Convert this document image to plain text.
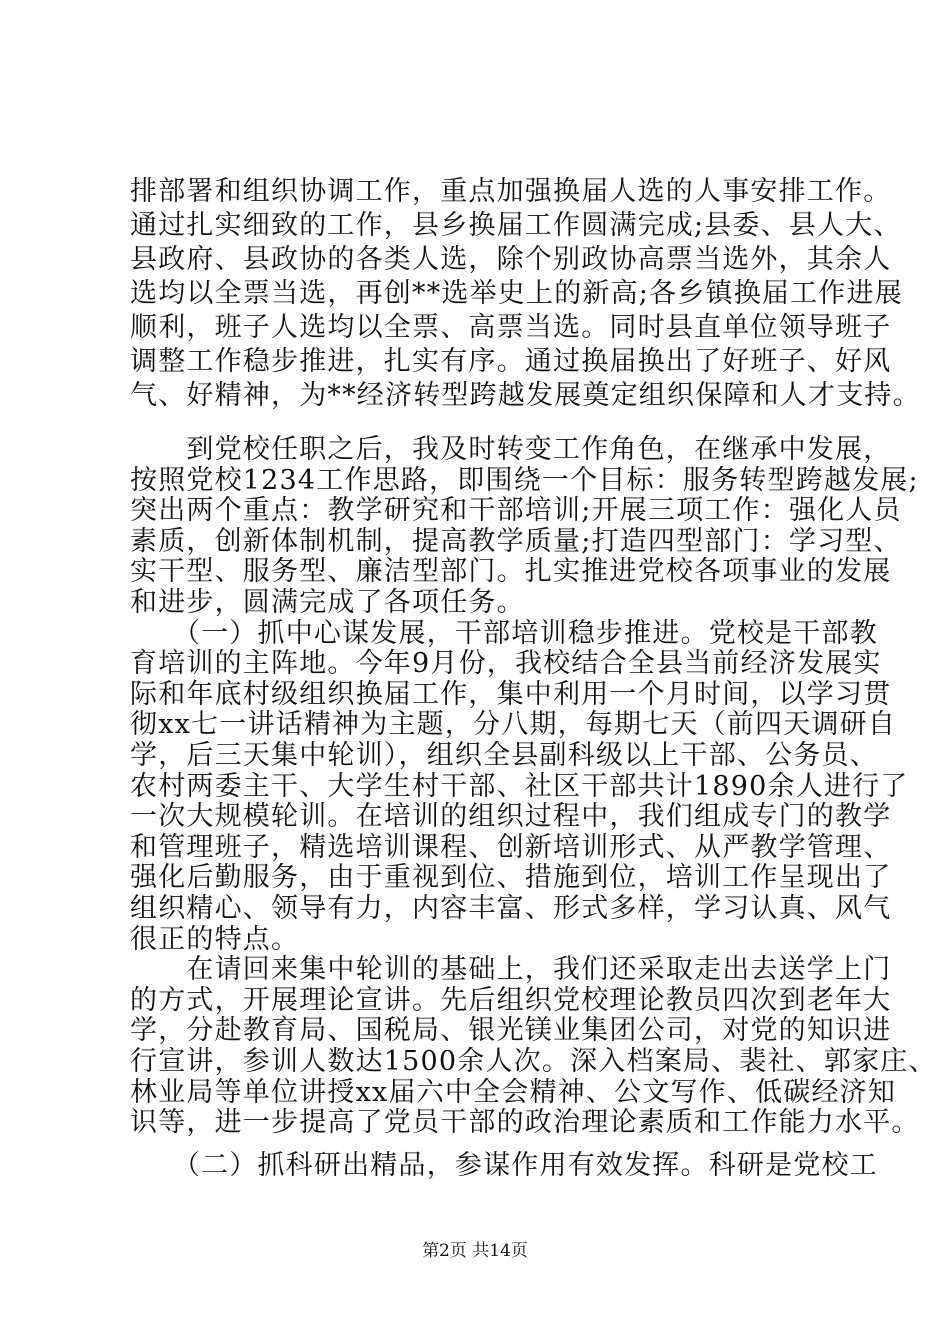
排部署和组织协调工作，重点加强换届人选的人事安排工作。
通过扎实细致的工作，县乡换届工作圆满完成;县委、县人大、
县政府、县政协的各类人选，除个别政协高票当选外，其余人
选均以全票当选，再创**选举史上的新高;各乡镇换届工作进展
顺利，班子人选均以全票、高票当选。同时县直单位领导班子
调整工作稳步推进，扎实有序。通过换届换出了好班子、好风
气、好精神，为**经济转型跨越发展奠定组织保障和人才支持。
　　到党校任职之后，我及时转变工作角色，在继承中发展，
按照党校1234工作思路，即围绕一个目标：服务转型跨越发展;
突出两个重点：教学研究和干部培训;开展三项工作：强化人员
素质，创新体制机制，提高教学质量;打造四型部门：学习型、
实干型、服务型、廉洁型部门。扎实推进党校各项事业的发展
和进步，圆满完成了各项任务。
　　（一）抓中心谋发展，干部培训稳步推进。党校是干部教
育培训的主阵地。今年9月份，我校结合全县当前经济发展实
际和年底村级组织换届工作，集中利用一个月时间，以学习贯
彻xx七一讲话精神为主题，分八期，每期七天（前四天调研自
学，后三天集中轮训），组织全县副科级以上干部、公务员、
农村两委主干、大学生村干部、社区干部共计1890余人进行了
一次大规模轮训。在培训的组织过程中，我们组成专门的教学
和管理班子，精选培训课程、创新培训形式、从严教学管理、
强化后勤服务，由于重视到位、措施到位，培训工作呈现出了
组织精心、领导有力，内容丰富、形式多样，学习认真、风气
很正的特点。
　　在请回来集中轮训的基础上，我们还采取走出去送学上门
的方式，开展理论宣讲。先后组织党校理论教员四次到老年大
学，分赴教育局、国税局、银光镁业集团公司，对党的知识进
行宣讲，参训人数达1500余人次。深入档案局、裴社、郭家庄、
林业局等单位讲授xx届六中全会精神、公文写作、低碳经济知
识等，进一步提高了党员干部的政治理论素质和工作能力水平。
　　（二）抓科研出精品，参谋作用有效发挥。科研是党校工
第2页 共14页
